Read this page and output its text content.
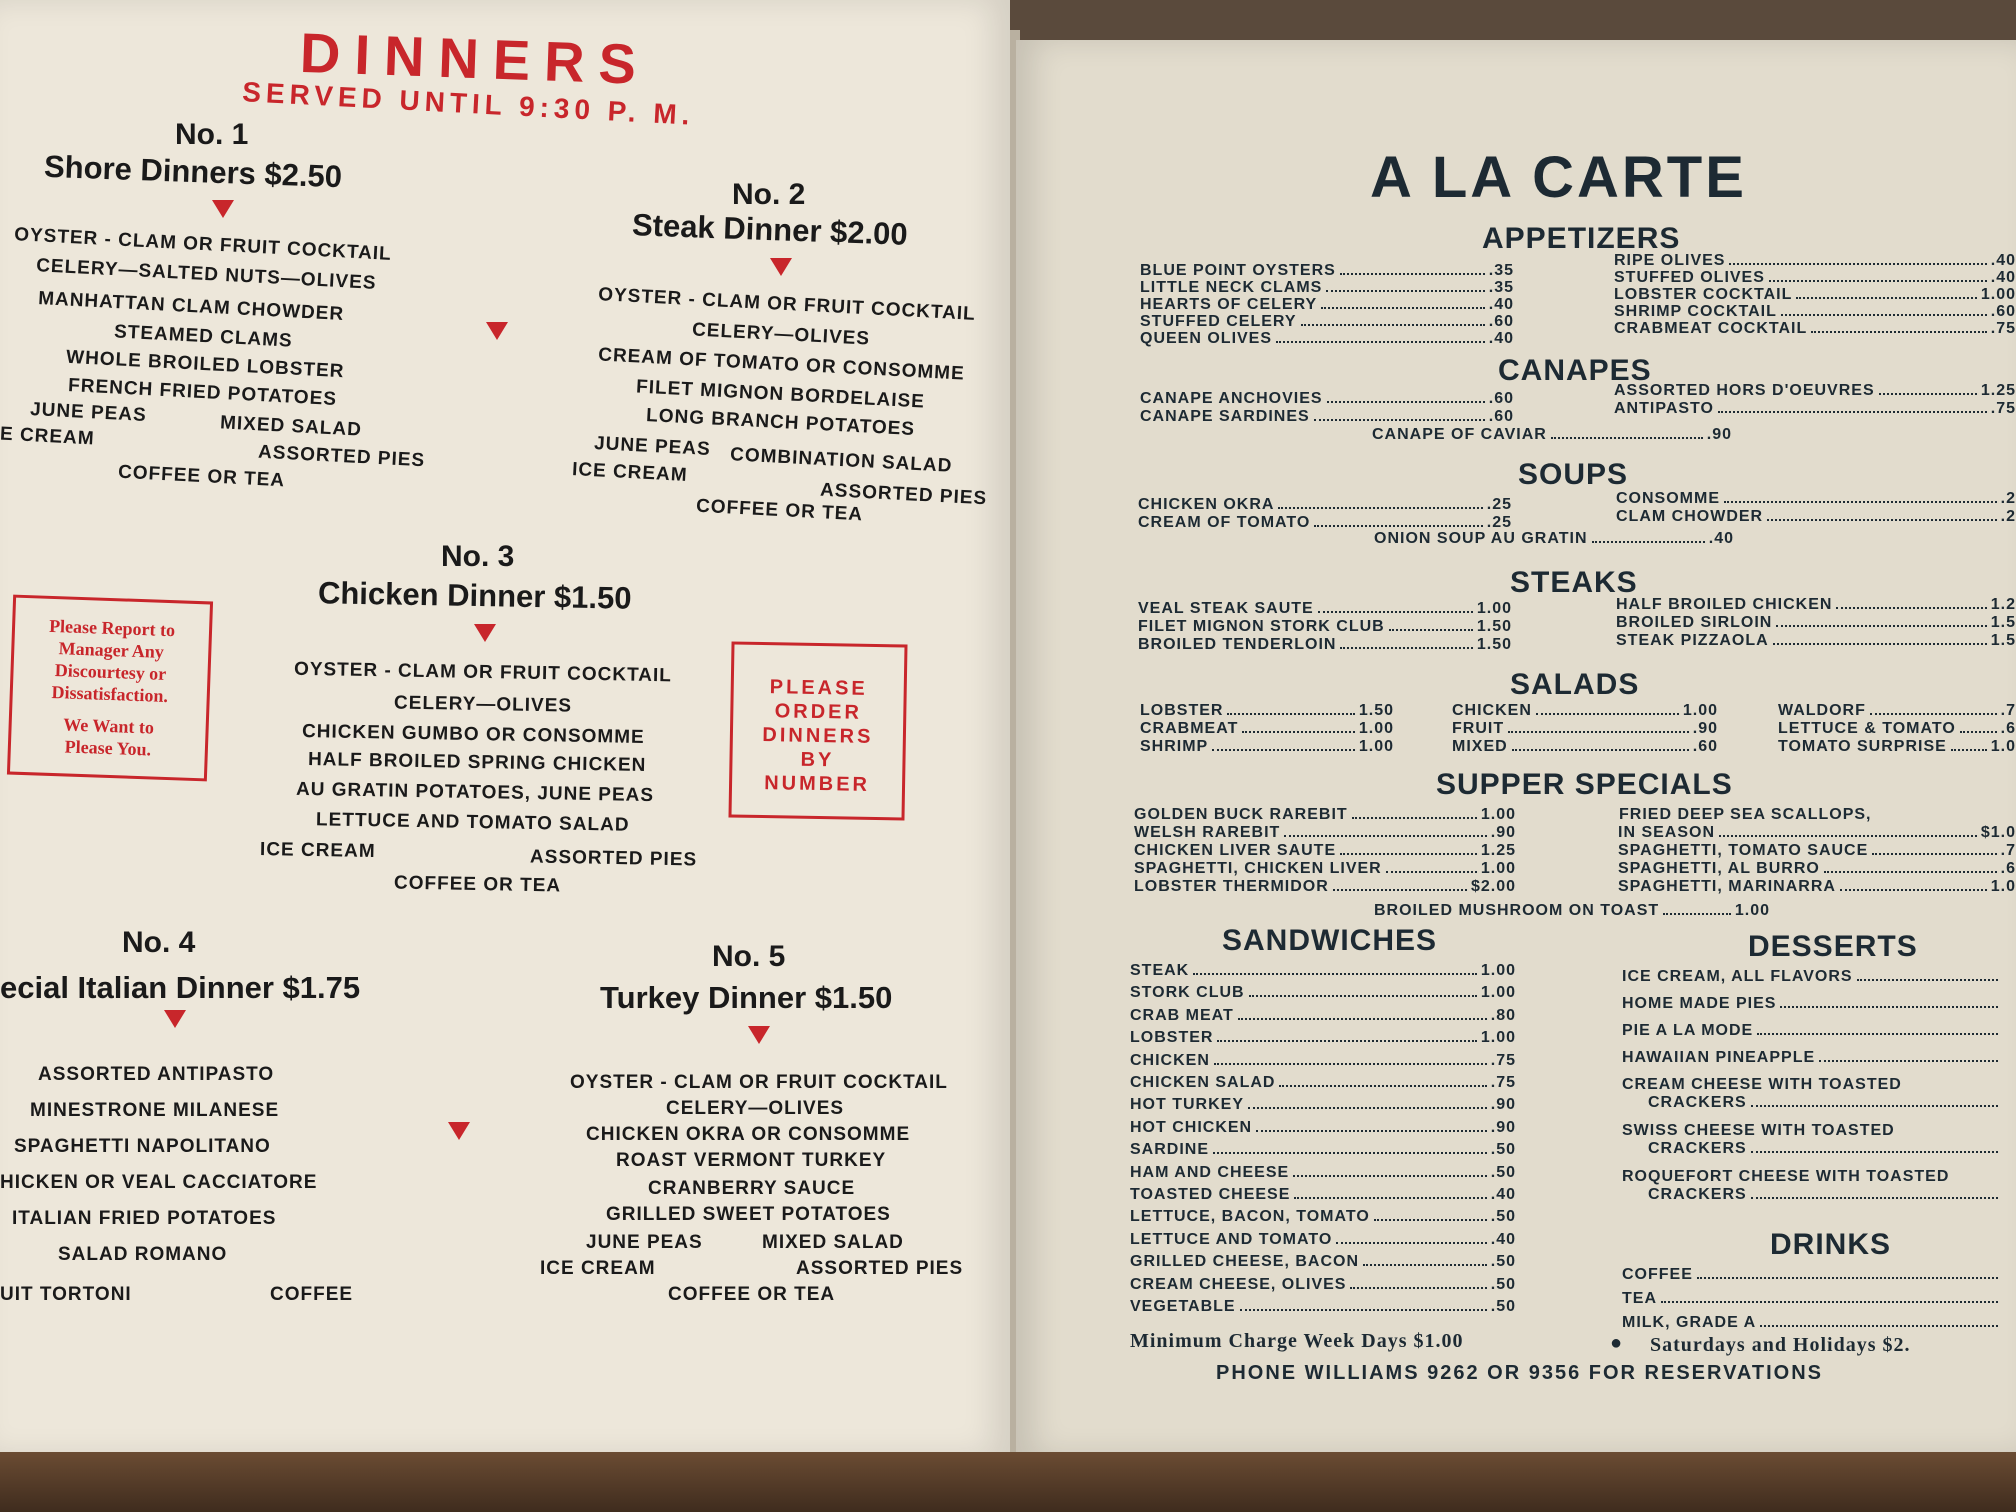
DINNERS
SERVED UNTIL 9:30 P. M.
No. 1
Shore Dinners $2.50
OYSTER - CLAM OR FRUIT COCKTAIL
CELERY—SALTED NUTS—OLIVES
MANHATTAN CLAM CHOWDER
STEAMED CLAMS
WHOLE BROILED LOBSTER
FRENCH FRIED POTATOES
JUNE PEAS	MIXED SALAD
E CREAM
ASSORTED PIES
COFFEE OR TEA
No. 2
Steak Dinner $2.00
OYSTER - CLAM OR FRUIT COCKTAIL
CELERY—OLIVES
CREAM OF TOMATO OR CONSOMME
FILET MIGNON BORDELAISE
LONG BRANCH POTATOES
JUNE PEAS COMBINATION SALAD
ICE CREAM
ASSORTED PIES
COFFEE OR TEA
Please Report to
Manager Any
Discourtesy or
Dissatisfaction.
We Want to
Please You.
PLEASE
ORDER
DINNERS
BY
NUMBER
No. 3
Chicken Dinner $1.50
OYSTER - CLAM OR FRUIT COCKTAIL
CELERY—OLIVES
CHICKEN GUMBO OR CONSOMME
HALF BROILED SPRING CHICKEN
AU GRATIN POTATOES, JUNE PEAS
LETTUCE AND TOMATO SALAD
ICE CREAM	ASSORTED PIES
COFFEE OR TEA
No. 4
ecial Italian Dinner $1.75
ASSORTED ANTIPASTO
MINESTRONE MILANESE
SPAGHETTI NAPOLITANO
HICKEN OR VEAL CACCIATORE
ITALIAN FRIED POTATOES
SALAD ROMANO
UIT TORTONI	COFFEE
No. 5
Turkey Dinner $1.50
OYSTER - CLAM OR FRUIT COCKTAIL
CELERY—OLIVES
CHICKEN OKRA OR CONSOMME
ROAST VERMONT TURKEY
CRANBERRY SAUCE
GRILLED SWEET POTATOES
JUNE PEAS	MIXED SALAD
ICE CREAM	ASSORTED PIES
COFFEE OR TEA
A LA CARTE
APPETIZERS
BLUE POINT OYSTERS	.35
LITTLE NECK CLAMS	.35
HEARTS OF CELERY	.40
STUFFED CELERY	.60
QUEEN OLIVES	.40
RIPE OLIVES	.40
STUFFED OLIVES	.40
LOBSTER COCKTAIL	1.00
SHRIMP COCKTAIL	.60
CRABMEAT COCKTAIL	.75
CANAPES
CANAPE ANCHOVIES	.60
CANAPE SARDINES	.60
ASSORTED HORS D'OEUVRES	1.25
ANTIPASTO	.75
CANAPE OF CAVIAR	.90
SOUPS
CHICKEN OKRA	.25
CREAM OF TOMATO	.25
CONSOMME	.2
CLAM CHOWDER	.2
ONION SOUP AU GRATIN	.40
STEAKS
VEAL STEAK SAUTE	1.00
FILET MIGNON STORK CLUB	1.50
BROILED TENDERLOIN	1.50
HALF BROILED CHICKEN	1.2
BROILED SIRLOIN	1.5
STEAK PIZZAOLA	1.5
SALADS
LOBSTER	1.50
CRABMEAT	1.00
SHRIMP	1.00
CHICKEN	1.00
FRUIT	.90
MIXED	.60
WALDORF	.7
LETTUCE & TOMATO	.6
TOMATO SURPRISE	1.0
SUPPER SPECIALS
GOLDEN BUCK RAREBIT	1.00
WELSH RAREBIT	.90
CHICKEN LIVER SAUTE	1.25
SPAGHETTI, CHICKEN LIVER	1.00
LOBSTER THERMIDOR	$2.00
FRIED DEEP SEA SCALLOPS,
IN SEASON	$1.0
SPAGHETTI, TOMATO SAUCE	.7
SPAGHETTI, AL BURRO	.6
SPAGHETTI, MARINARRA	1.0
BROILED MUSHROOM ON TOAST	1.00
SANDWICHES
STEAK	1.00
STORK CLUB	1.00
CRAB MEAT	.80
LOBSTER	1.00
CHICKEN	.75
CHICKEN SALAD	.75
HOT TURKEY	.90
HOT CHICKEN	.90
SARDINE	.50
HAM AND CHEESE	.50
TOASTED CHEESE	.40
LETTUCE, BACON, TOMATO	.50
LETTUCE AND TOMATO	.40
GRILLED CHEESE, BACON	.50
CREAM CHEESE, OLIVES	.50
VEGETABLE	.50
DESSERTS
ICE CREAM, ALL FLAVORS
HOME MADE PIES
PIE A LA MODE
HAWAIIAN PINEAPPLE
CREAM CHEESE WITH TOASTED
CRACKERS
SWISS CHEESE WITH TOASTED
CRACKERS
ROQUEFORT CHEESE WITH TOASTED
CRACKERS
DRINKS
COFFEE
TEA
MILK, GRADE A
Minimum Charge Week Days $1.00	● Saturdays and Holidays $2.
PHONE WILLIAMS 9262 OR 9356 FOR RESERVATIONS
